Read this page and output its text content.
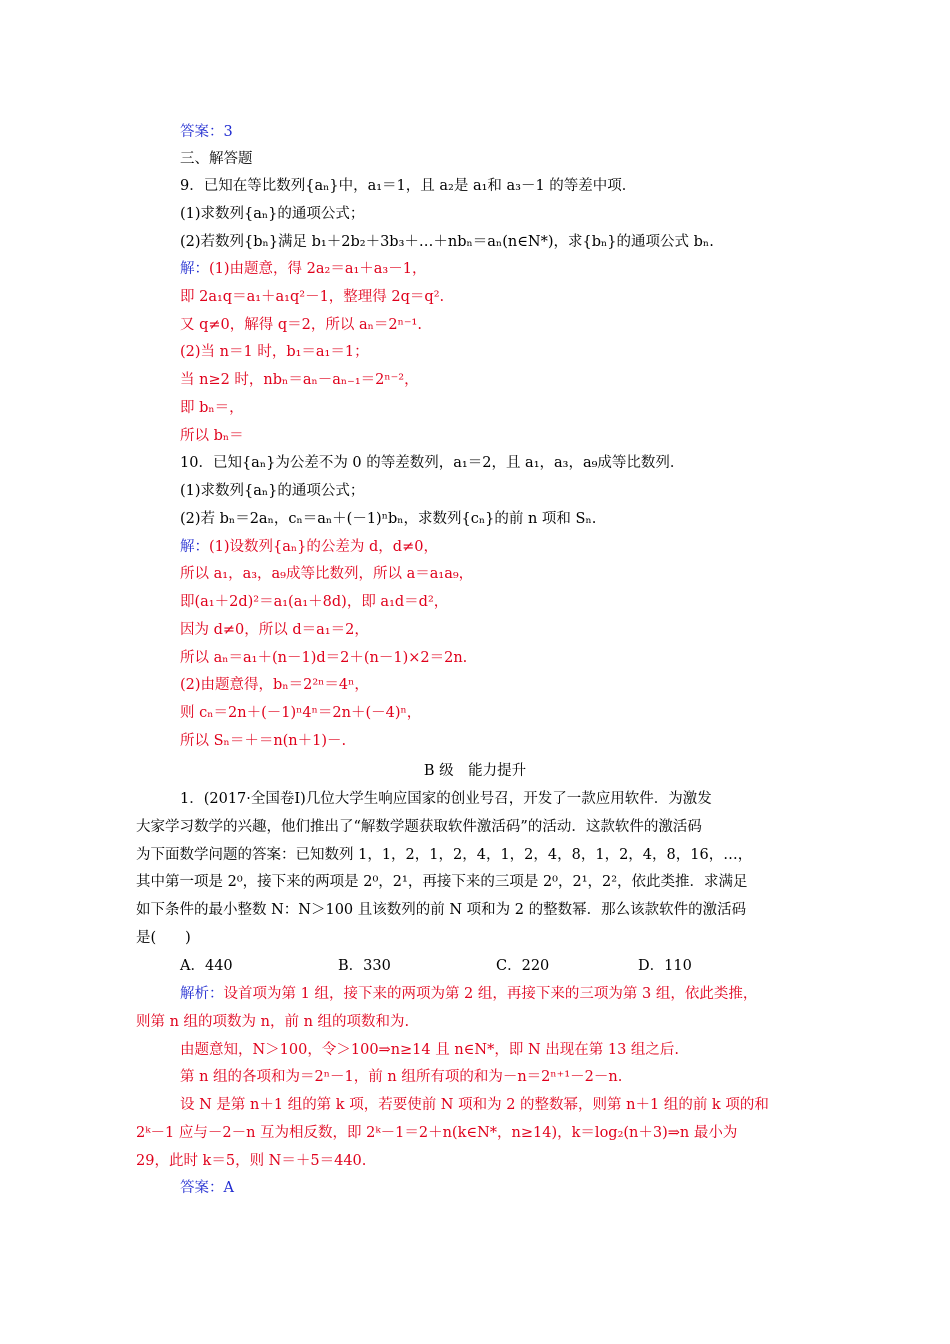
答案：3
三、解答题
9．已知在等比数列{aₙ}中，a₁＝1，且 a₂是 a₁和 a₃－1 的等差中项．
(1)求数列{aₙ}的通项公式；
(2)若数列{bₙ}满足 b₁＋2b₂＋3b₃＋…＋nbₙ＝aₙ(n∈N*)，求{bₙ}的通项公式 bₙ.
解：(1)由题意，得 2a₂＝a₁＋a₃－1，
即 2a₁q＝a₁＋a₁q²－1，整理得 2q＝q².
又 q≠0，解得 q＝2，所以 aₙ＝2ⁿ⁻¹.
(2)当 n＝1 时，b₁＝a₁＝1；
当 n≥2 时，nbₙ＝aₙ－aₙ₋₁＝2ⁿ⁻²，
即 bₙ＝，
所以 bₙ＝
10．已知{aₙ}为公差不为 0 的等差数列，a₁＝2，且 a₁，a₃，a₉成等比数列．
(1)求数列{aₙ}的通项公式；
(2)若 bₙ＝2aₙ，cₙ＝aₙ＋(－1)ⁿbₙ，求数列{cₙ}的前 n 项和 Sₙ.
解：(1)设数列{aₙ}的公差为 d，d≠0，
所以 a₁，a₃，a₉成等比数列，所以 a＝a₁a₉，
即(a₁＋2d)²＝a₁(a₁＋8d)，即 a₁d＝d²，
因为 d≠0，所以 d＝a₁＝2，
所以 aₙ＝a₁＋(n－1)d＝2＋(n－1)×2＝2n.
(2)由题意得，bₙ＝2²ⁿ＝4ⁿ，
则 cₙ＝2n＋(－1)ⁿ4ⁿ＝2n＋(－4)ⁿ，
所以 Sₙ＝＋＝n(n＋1)－.
B 级　能力提升
1．(2017·全国卷Ⅰ)几位大学生响应国家的创业号召，开发了一款应用软件．为激发
大家学习数学的兴趣，他们推出了“解数学题获取软件激活码”的活动．这款软件的激活码
为下面数学问题的答案：已知数列 1，1，2，1，2，4，1，2，4，8，1，2，4，8，16，…，
其中第一项是 2⁰，接下来的两项是 2⁰，2¹，再接下来的三项是 2⁰，2¹，2²，依此类推．求满足
如下条件的最小整数 N：N＞100 且该数列的前 N 项和为 2 的整数幂．那么该款软件的激活码
是(　　)
A．440	B．330	C．220	D．110
解析：设首项为第 1 组，接下来的两项为第 2 组，再接下来的三项为第 3 组，依此类推，
则第 n 组的项数为 n，前 n 组的项数和为.
由题意知，N＞100，令＞100⇒n≥14 且 n∈N*，即 N 出现在第 13 组之后.
第 n 组的各项和为＝2ⁿ－1，前 n 组所有项的和为－n＝2ⁿ⁺¹－2－n.
设 N 是第 n＋1 组的第 k 项，若要使前 N 项和为 2 的整数幂，则第 n＋1 组的前 k 项的和
2ᵏ－1 应与－2－n 互为相反数，即 2ᵏ－1＝2＋n(k∈N*，n≥14)，k＝log₂(n＋3)⇒n 最小为
29，此时 k＝5，则 N＝＋5＝440.
答案：A
